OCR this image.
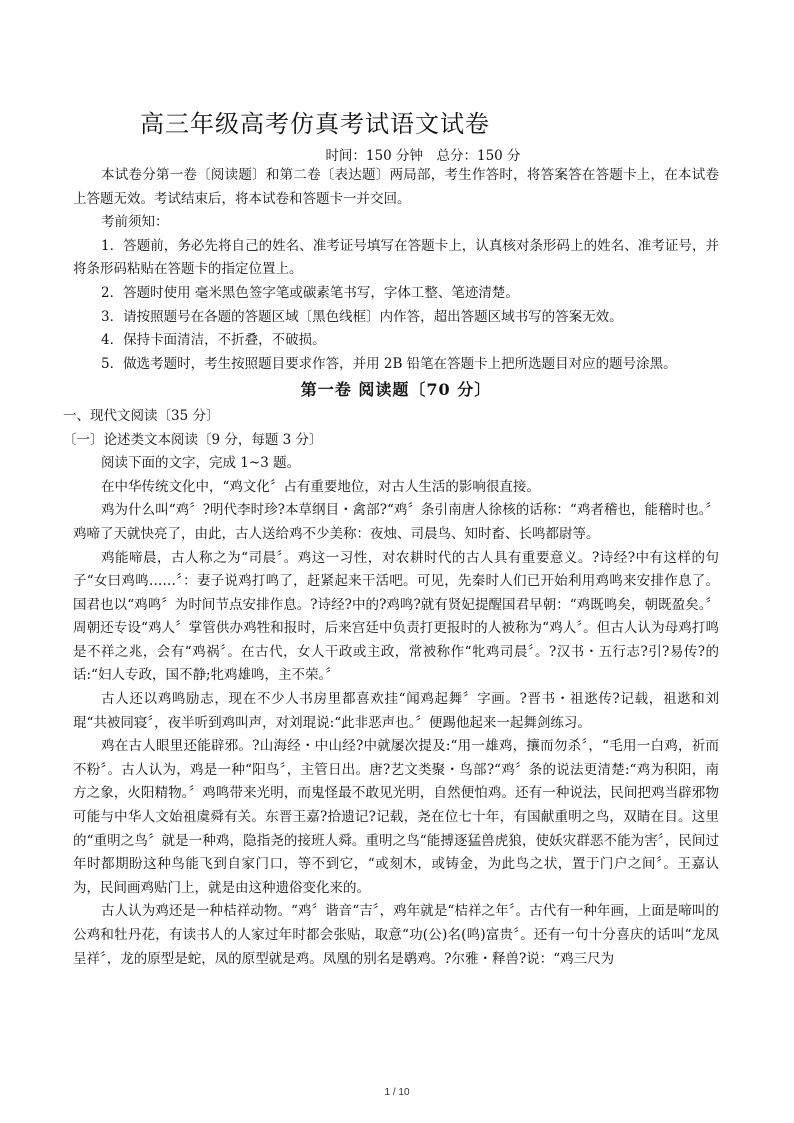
高三年级高考仿真考试语文试卷
时间：150 分钟　总分：150 分

本试卷分第一卷〔阅读题〕和第二卷〔表达题〕两局部，考生作答时，将答案答在答题卡上，在本试卷上答题无效。考试结束后，将本试卷和答题卡一并交回。

考前须知：

1．答题前，务必先将自己的姓名、准考证号填写在答题卡上，认真核对条形码上的姓名、准考证号，并将条形码粘贴在答题卡的指定位置上。

2．答题时使用 毫米黑色签字笔或碳素笔书写，字体工整、笔迹清楚。

3．请按照题号在各题的答题区域〔黑色线框〕内作答，超出答题区域书写的答案无效。

4．保持卡面清洁，不折叠，不破损。

5．做选考题时，考生按照题目要求作答，并用 2B 铅笔在答题卡上把所选题目对应的题号涂黑。

第一卷 阅读题〔70 分〕

一、现代文阅读〔35 分〕

〔一〕论述类文本阅读〔9 分，每题 3 分〕

阅读下面的文字，完成 1~3 题。

在中华传统文化中，“鸡文化〞占有重要地位，对古人生活的影响很直接。

鸡为什么叫“鸡〞?明代李时珍?本草纲目・禽部?“鸡〞条引南唐人徐核的话称：“鸡者稽也，能稽时也。〞鸡啼了天就快亮了，由此，古人送给鸡不少美称：夜烛、司晨鸟、知时畜、长鸣都尉等。

鸡能啼晨，古人称之为“司晨〞。鸡这一习性，对农耕时代的古人具有重要意义。?诗经?中有这样的句子“女曰鸡鸣……〞：妻子说鸡打鸣了，赶紧起来干活吧。可见，先秦时人们已开始利用鸡鸣来安排作息了。国君也以“鸡鸣〞为时间节点安排作息。?诗经?中的?鸡鸣?就有贤妃提醒国君早朝：“鸡既鸣矣，朝既盈矣。〞周朝还专设“鸡人〞掌管供办鸡牲和报时，后来宫廷中负责打更报时的人被称为“鸡人〞。但古人认为母鸡打鸣是不祥之兆，会有“鸡祸〞。在古代，女人干政或主政，常被称作“牝鸡司晨〞。?汉书・五行志?引?易传?的话:“妇人专政，国不静;牝鸡雄鸣，主不荣。〞

古人还以鸡鸣励志，现在不少人书房里都喜欢挂“闻鸡起舞〞字画。?晋书・祖逖传?记载，祖逖和刘琨“共被同寝〞，夜半听到鸡叫声，对刘琨说:“此非恶声也。〞便踢他起来一起舞剑练习。

鸡在古人眼里还能辟邪。?山海经・中山经?中就屡次提及:“用一雄鸡，攘而勿杀〞，“毛用一白鸡，祈而不粉〞。古人认为，鸡是一种“阳鸟〞，主管日出。唐?艺文类聚・鸟部?“鸡〞条的说法更清楚:“鸡为积阳，南方之象，火阳精物。〞鸡鸣带来光明，而鬼怪最不敢见光明，自然便怕鸡。还有一种说法，民间把鸡当辟邪物可能与中华人文始祖虞舜有关。东晋王嘉?拾遗记?记载，尧在位七十年，有国献重明之鸟，双睛在目。这里的“重明之鸟〞就是一种鸡，隐指尧的接班人舜。重明之鸟“能搏逐猛兽虎狼，使妖灾群恶不能为害〞，民间过年时都期盼这种鸟能飞到自家门口，等不到它，“或刻木，或铸金，为此鸟之状，置于门户之间〞。王嘉认为，民间画鸡贴门上，就是由这种遗俗变化来的。

古人认为鸡还是一种桔祥动物。“鸡〞谐音“吉〞，鸡年就是“桔祥之年〞。古代有一种年画，上面是啼叫的公鸡和牡丹花，有读书人的人家过年时都会张贴，取意“功(公)名(鸣)富贵〞。还有一句十分喜庆的话叫“龙凤呈祥〞，龙的原型是蛇，凤的原型就是鸡。凤凰的别名是鹖鸡。?尔雅・释兽?说：“鸡三尺为

1 / 10
